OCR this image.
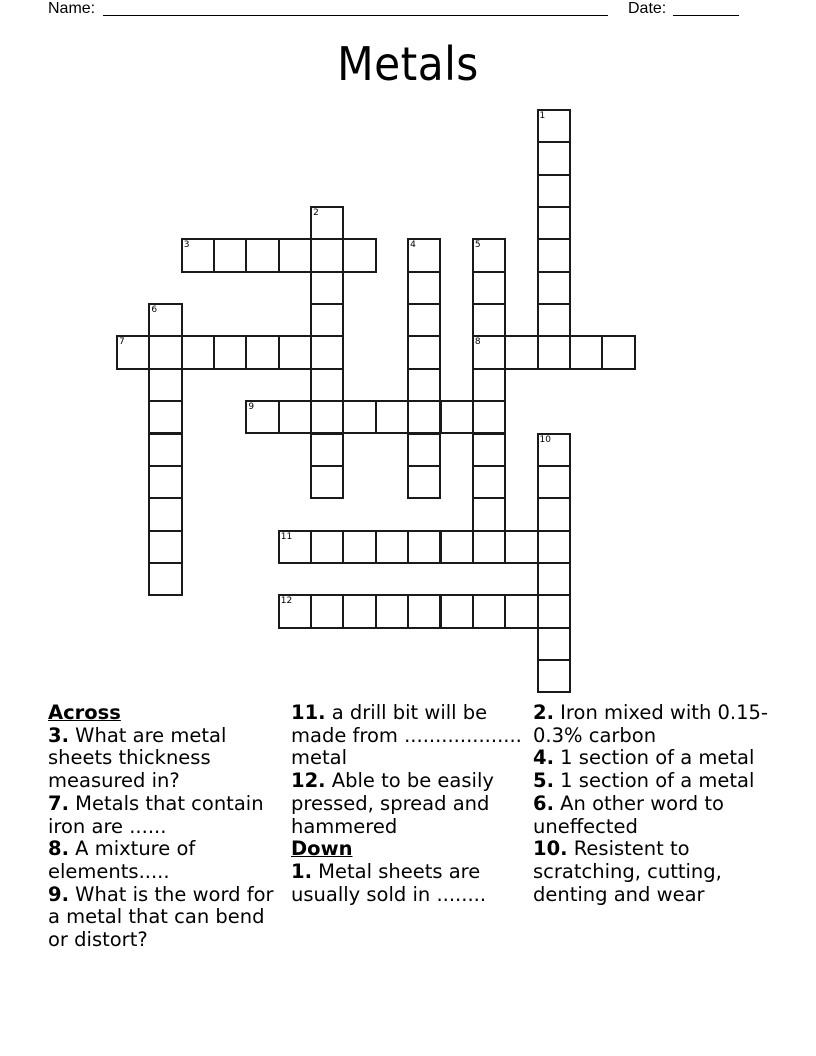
Name:	Date:
Metals
1
2
3	4	5
8
6
7
9
10
11
12
Across
3. What are metal sheets thickness measured in?
7. Metals that contain iron are ......
8. A mixture of elements.....
9. What is the word for a metal that can bend or distort?
11. a drill bit will be made from ................... metal
12. Able to be easily pressed, spread and hammered
Down
1. Metal sheets are usually sold in ........
2. Iron mixed with 0.15-0.3% carbon
4. 1 section of a metal
5. 1 section of a metal
6. An other word to uneffected
10. Resistent to scratching, cutting, denting and wear
